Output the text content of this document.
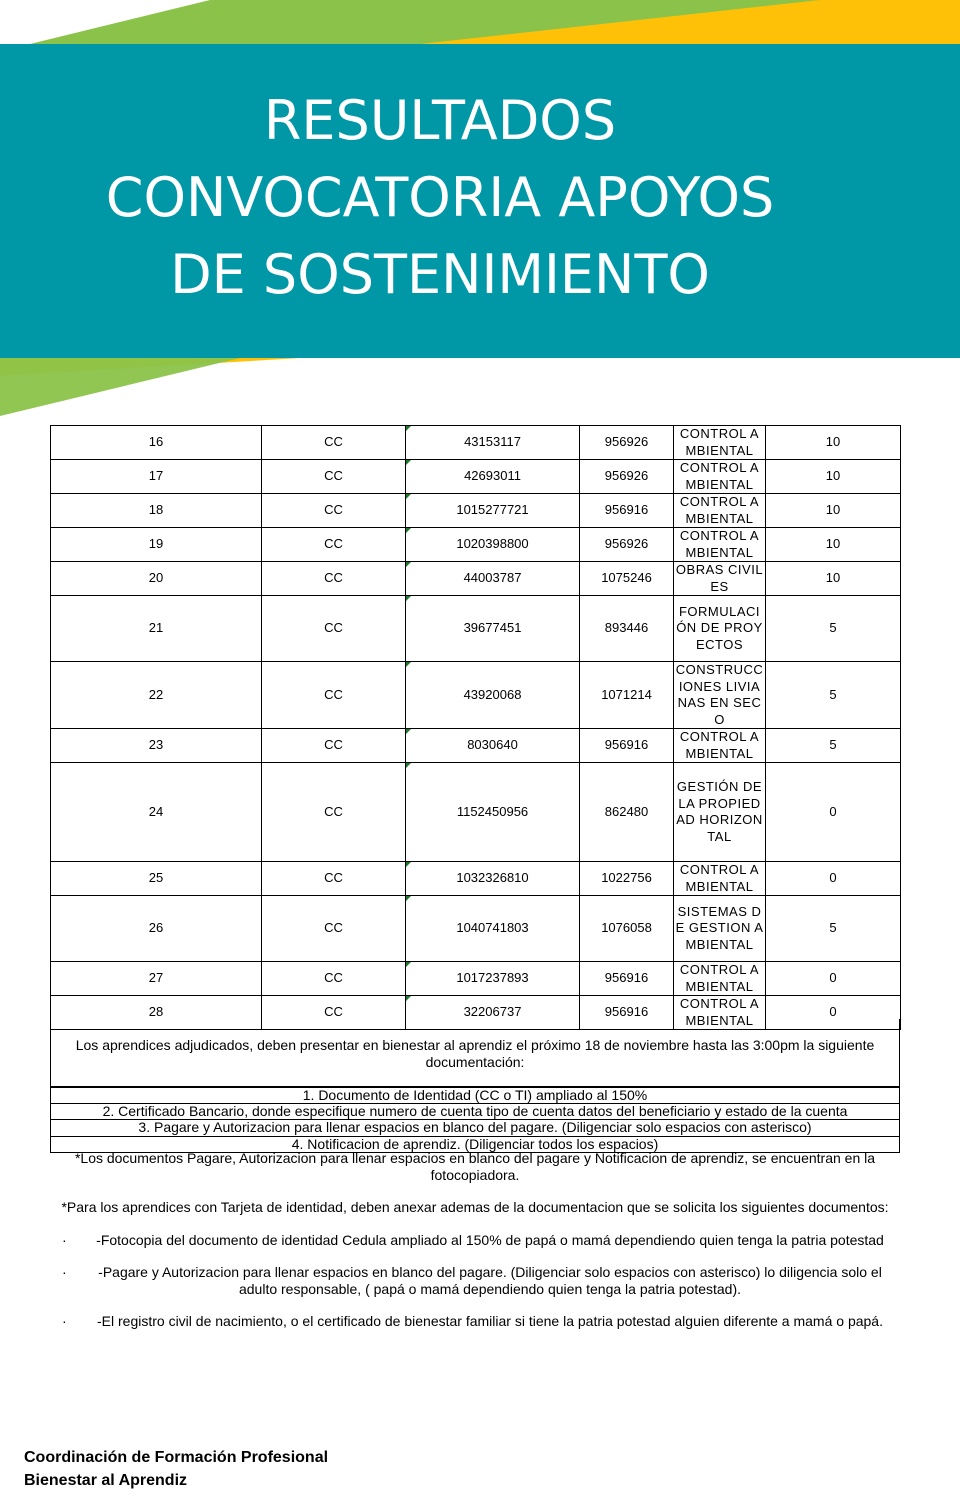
RESULTADOS
CONVOCATORIA APOYOS
DE SOSTENIMIENTO
16	CC	43153117	956926	CONTROL AMBIENTAL	10
17	CC	42693011	956926	CONTROL AMBIENTAL	10
18	CC	1015277721	956916	CONTROL AMBIENTAL	10
19	CC	1020398800	956926	CONTROL AMBIENTAL	10
20	CC	44003787	1075246	OBRAS CIVILES	10
21	CC	39677451	893446	FORMULACIÓN DE PROYECTOS	5
22	CC	43920068	1071214	CONSTRUCCIONES LIVIANAS EN SECO	5
23	CC	8030640	956916	CONTROL AMBIENTAL	5
24	CC	1152450956	862480	GESTIÓN DE LA PROPIEDAD HORIZONTAL	0
25	CC	1032326810	1022756	CONTROL AMBIENTAL	0
26	CC	1040741803	1076058	SISTEMAS DE GESTION AMBIENTAL	5
27	CC	1017237893	956916	CONTROL AMBIENTAL	0
28	CC	32206737	956916	CONTROL AMBIENTAL	0
Los aprendices adjudicados, deben presentar en bienestar al aprendiz el próximo 18 de noviembre hasta las 3:00pm la siguiente documentación:
1. Documento de Identidad (CC o TI) ampliado al 150%
2. Certificado Bancario, donde especifique numero de cuenta tipo de cuenta datos del beneficiario y estado de la cuenta
3. Pagare y Autorizacion para llenar espacios en blanco del pagare. (Diligenciar solo espacios con asterisco)
4. Notificacion de aprendiz. (Diligenciar todos los espacios)

*Los documentos Pagare, Autorizacion para llenar espacios en blanco del pagare y Notificacion de aprendiz, se encuentran en la fotocopiadora.

*Para los aprendices con Tarjeta de identidad, deben anexar ademas de la documentacion que se solicita los siguientes documentos:

· -Fotocopia del documento de identidad Cedula ampliado al 150% de papá o mamá dependiendo quien tenga la patria potestad

· -Pagare y Autorizacion para llenar espacios en blanco del pagare. (Diligenciar solo espacios con asterisco) lo diligencia solo el adulto responsable, ( papá o mamá dependiendo quien tenga la patria potestad).

· -El registro civil de nacimiento, o el certificado de bienestar familiar si tiene la patria potestad alguien diferente a mamá o papá.

Coordinación de Formación Profesional
Bienestar al Aprendiz
